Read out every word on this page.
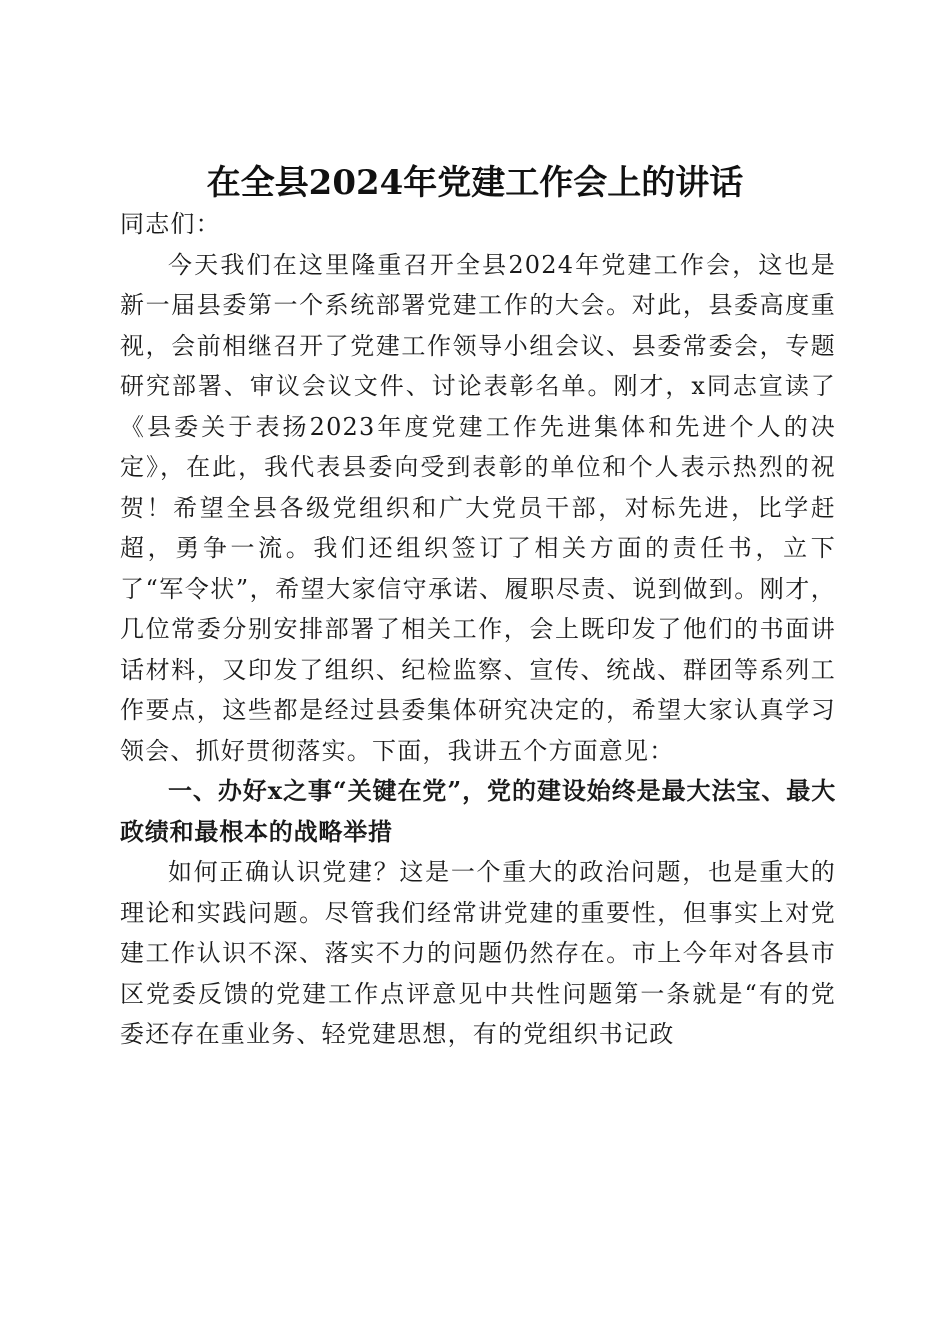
在全县2024年党建工作会上的讲话

同志们：

今天我们在这里隆重召开全县2024年党建工作会，这也是新一届县委第一个系统部署党建工作的大会。对此，县委高度重视，会前相继召开了党建工作领导小组会议、县委常委会，专题研究部署、审议会议文件、讨论表彰名单。刚才，x同志宣读了《县委关于表扬2023年度党建工作先进集体和先进个人的决定》，在此，我代表县委向受到表彰的单位和个人表示热烈的祝贺！希望全县各级党组织和广大党员干部，对标先进，比学赶超，勇争一流。我们还组织签订了相关方面的责任书，立下了“军令状”，希望大家信守承诺、履职尽责、说到做到。刚才，几位常委分别安排部署了相关工作，会上既印发了他们的书面讲话材料，又印发了组织、纪检监察、宣传、统战、群团等系列工作要点，这些都是经过县委集体研究决定的，希望大家认真学习领会、抓好贯彻落实。下面，我讲五个方面意见：

一、办好x之事“关键在党”，党的建设始终是最大法宝、最大政绩和最根本的战略举措

如何正确认识党建？这是一个重大的政治问题，也是重大的理论和实践问题。尽管我们经常讲党建的重要性，但事实上对党建工作认识不深、落实不力的问题仍然存在。市上今年对各县市区党委反馈的党建工作点评意见中共性问题第一条就是“有的党委还存在重业务、轻党建思想，有的党组织书记政
